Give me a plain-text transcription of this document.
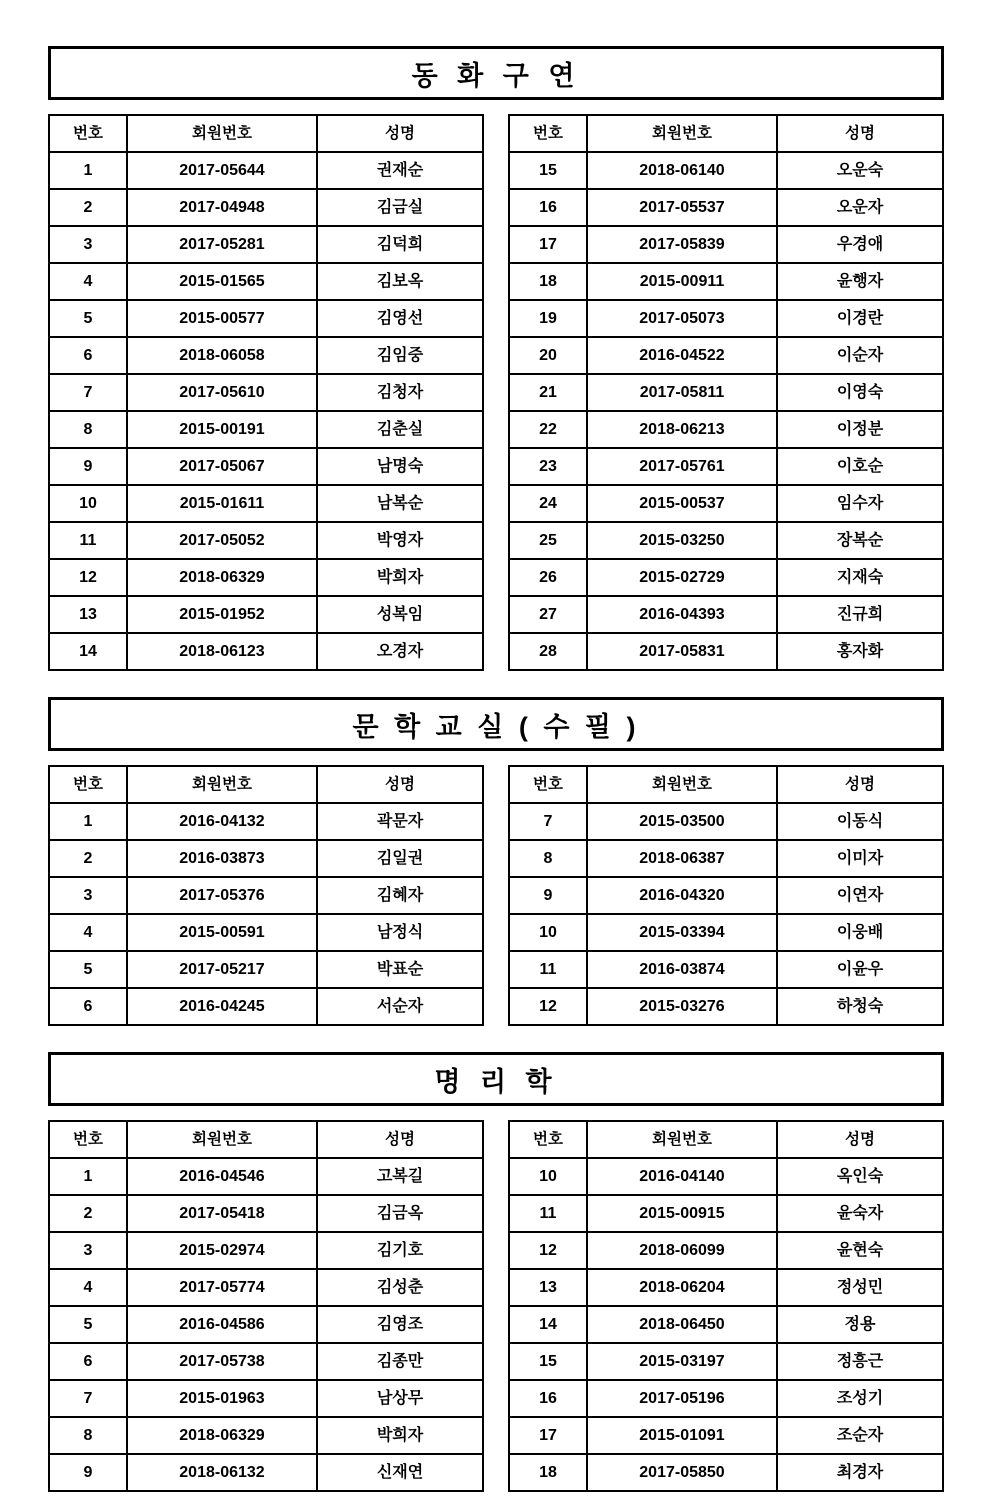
동 화 구 연
번호	회원번호	성명
1	2017-05644	권재순
2	2017-04948	김금실
3	2017-05281	김덕희
4	2015-01565	김보옥
5	2015-00577	김영선
6	2018-06058	김임중
7	2017-05610	김청자
8	2015-00191	김춘실
9	2017-05067	남명숙
10	2015-01611	남복순
11	2017-05052	박영자
12	2018-06329	박희자
13	2015-01952	성복임
14	2018-06123	오경자
번호	회원번호	성명
15	2018-06140	오운숙
16	2017-05537	오운자
17	2017-05839	우경애
18	2015-00911	윤행자
19	2017-05073	이경란
20	2016-04522	이순자
21	2017-05811	이영숙
22	2018-06213	이정분
23	2017-05761	이호순
24	2015-00537	임수자
25	2015-03250	장복순
26	2015-02729	지재숙
27	2016-04393	진규희
28	2017-05831	홍자화
문 학 교 실 ( 수 필 )
번호	회원번호	성명
1	2016-04132	곽문자
2	2016-03873	김일권
3	2017-05376	김혜자
4	2015-00591	남정식
5	2017-05217	박표순
6	2016-04245	서순자
번호	회원번호	성명
7	2015-03500	이동식
8	2018-06387	이미자
9	2016-04320	이연자
10	2015-03394	이웅배
11	2016-03874	이윤우
12	2015-03276	하청숙
명 리 학
번호	회원번호	성명
1	2016-04546	고복길
2	2017-05418	김금옥
3	2015-02974	김기호
4	2017-05774	김성춘
5	2016-04586	김영조
6	2017-05738	김종만
7	2015-01963	남상무
8	2018-06329	박희자
9	2018-06132	신재연
번호	회원번호	성명
10	2016-04140	옥인숙
11	2015-00915	윤숙자
12	2018-06099	윤현숙
13	2018-06204	정성민
14	2018-06450	정용
15	2015-03197	정흥근
16	2017-05196	조성기
17	2015-01091	조순자
18	2017-05850	최경자
